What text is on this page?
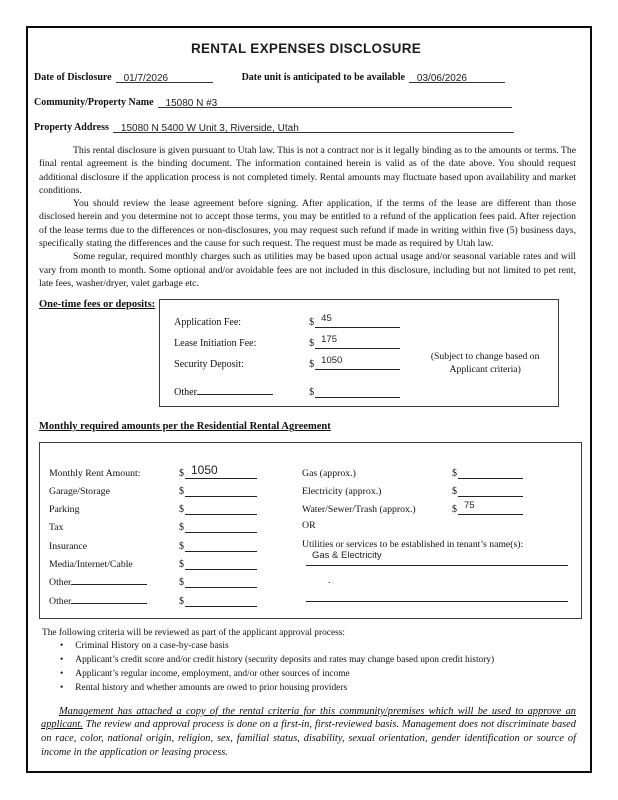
RENTAL EXPENSES DISCLOSURE
Date of Disclosure	01/7/2026	Date unit is anticipated to be available	03/06/2026
Community/Property Name	15080 N #3
Property Address	15080 N 5400 W Unit 3, Riverside, Utah

This rental disclosure is given pursuant to Utah law. This is not a contract nor is it legally binding as to the amounts or terms. The final rental agreement is the binding document. The information contained herein is valid as of the date above. You should request additional disclosure if the application process is not completed timely. Rental amounts may fluctuate based upon availability and market conditions.

You should review the lease agreement before signing. After application, if the terms of the lease are different than those disclosed herein and you determine not to accept those terms, you may be entitled to a refund of the application fees paid. After rejection of the lease terms due to the differences or non-disclosures, you may request such refund if made in writing within five (5) business days, specifically stating the differences and the cause for such request. The request must be made as required by Utah law.

Some regular, required monthly charges such as utilities may be based upon actual usage and/or seasonal variable rates and will vary from month to month. Some optional and/or avoidable fees are not included in this disclosure, including but not limited to pet rent, late fees, washer/dryer, valet garbage etc.

One-time fees or deposits:
Application Fee:	$ 45
Lease Initiation Fee:	$ 175
Security Deposit:	$ 1050
Other	$
(Subject to change based on
Applicant criteria)
Monthly required amounts per the Residential Rental Agreement
Monthly Rent Amount:	$ 1050
Garage/Storage	$
Parking	$
Tax	$
Insurance	$
Media/Internet/Cable	$
Other	$
Other	$
Gas (approx.)	$
Electricity (approx.)	$
Water/Sewer/Trash (approx.)	$ 75
OR
Utilities or services to be established in tenant’s name(s):
Gas & Electricity
.
The following criteria will be reviewed as part of the applicant approval process:
• Criminal History on a case-by-case basis
• Applicant’s credit score and/or credit history (security deposits and rates may change based upon credit history)
• Applicant’s regular income, employment, and/or other sources of income
• Rental history and whether amounts are owed to prior housing providers

Management has attached a copy of the rental criteria for this community/premises which will be used to approve an applicant. The review and approval process is done on a first-in, first-reviewed basis. Management does not discriminate based on race, color, national origin, religion, sex, familial status, disability, sexual orientation, gender identification or source of income in the application or leasing process.
